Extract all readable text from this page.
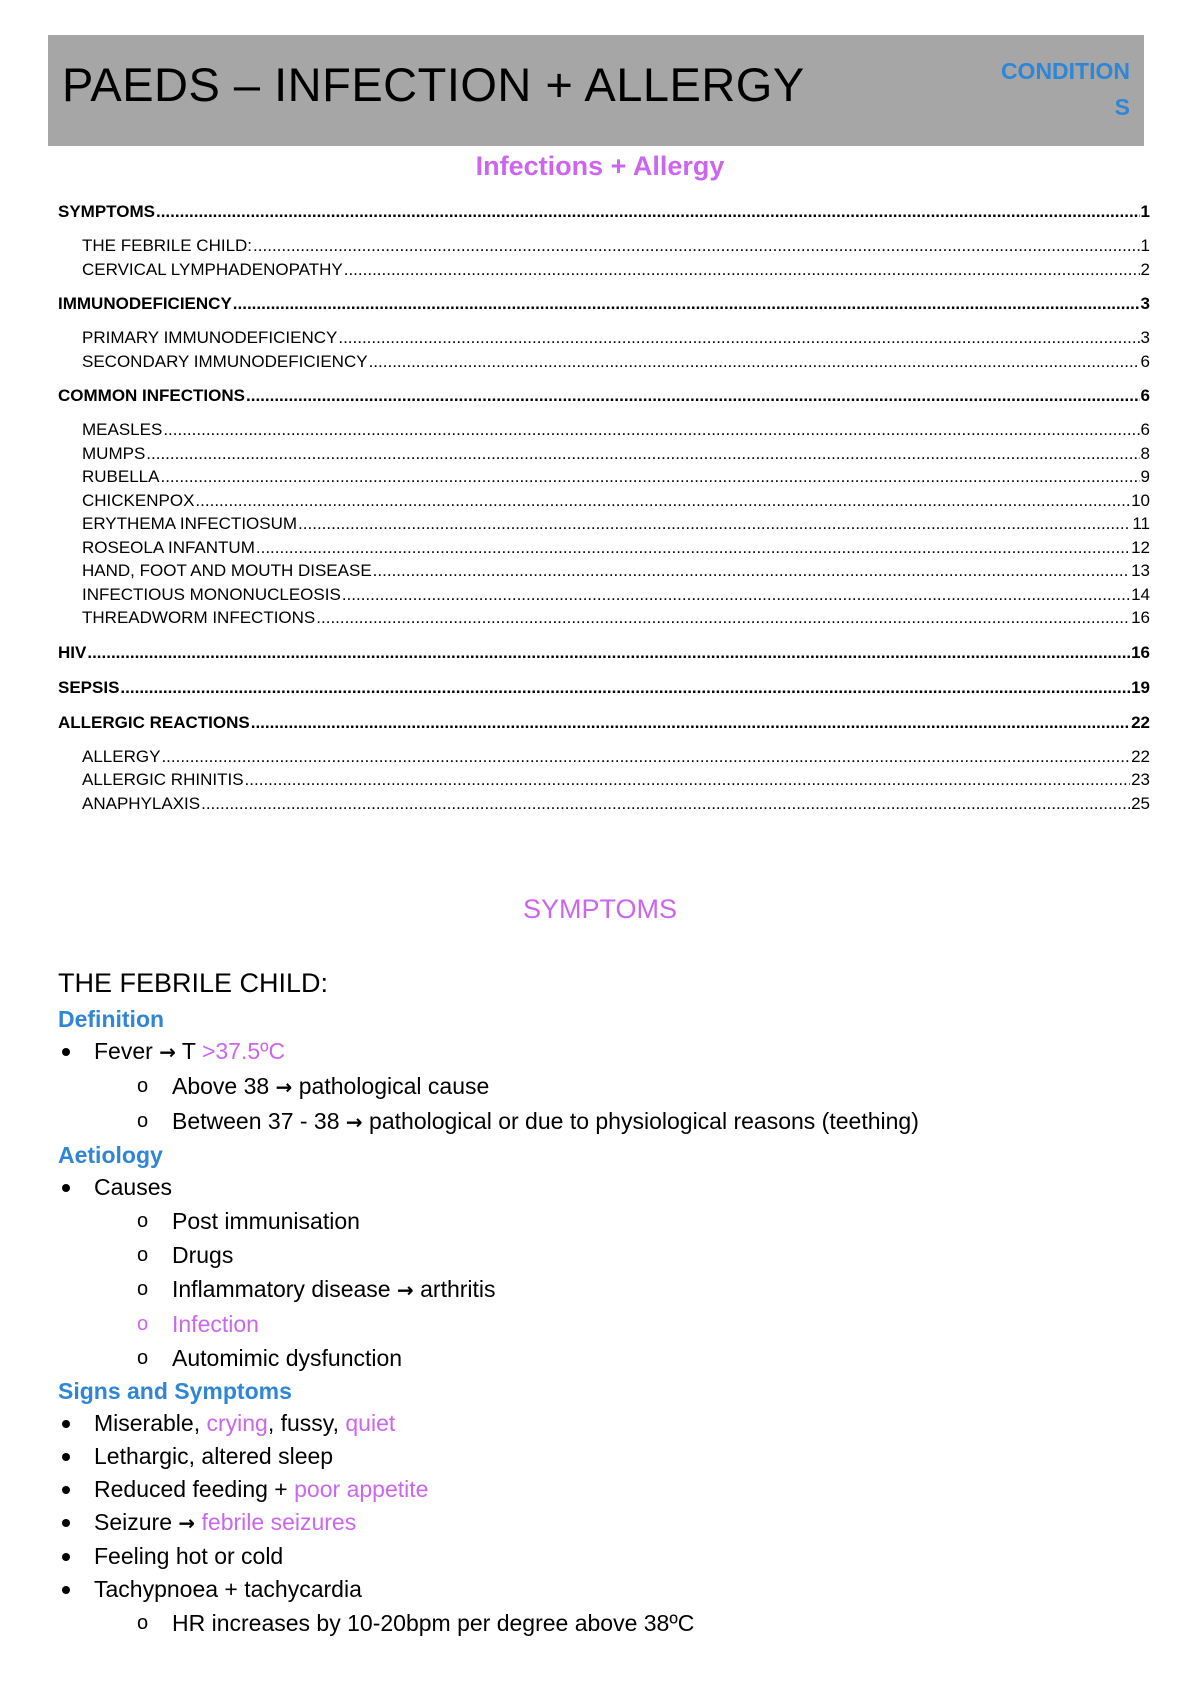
PAEDS – INFECTION + ALLERGY	CONDITIONS
Infections + Allergy
SYMPTOMS .....	1
THE FEBRILE CHILD: .....	1
CERVICAL LYMPHADENOPATHY .....	2
IMMUNODEFICIENCY .....	3
PRIMARY IMMUNODEFICIENCY .....	3
SECONDARY IMMUNODEFICIENCY .....	6
COMMON INFECTIONS .....	6
MEASLES .....	6
MUMPS .....	8
RUBELLA .....	9
CHICKENPOX .....	10
ERYTHEMA INFECTIOSUM .....	11
ROSEOLA INFANTUM .....	12
HAND, FOOT AND MOUTH DISEASE .....	13
INFECTIOUS MONONUCLEOSIS .....	14
THREADWORM INFECTIONS .....	16
HIV .....	16
SEPSIS .....	19
ALLERGIC REACTIONS .....	22
ALLERGY .....	22
ALLERGIC RHINITIS .....	23
ANAPHYLAXIS .....	25
SYMPTOMS
THE FEBRILE CHILD:
Definition
Fever → T >37.5ºC
o Above 38 → pathological cause
o Between 37 - 38 → pathological or due to physiological reasons (teething)
Aetiology
Causes
o Post immunisation
o Drugs
o Inflammatory disease → arthritis
o Infection
o Automimic dysfunction
Signs and Symptoms
Miserable, crying, fussy, quiet
Lethargic, altered sleep
Reduced feeding + poor appetite
Seizure → febrile seizures
Feeling hot or cold
Tachypnoea + tachycardia
o HR increases by 10-20bpm per degree above 38ºC
